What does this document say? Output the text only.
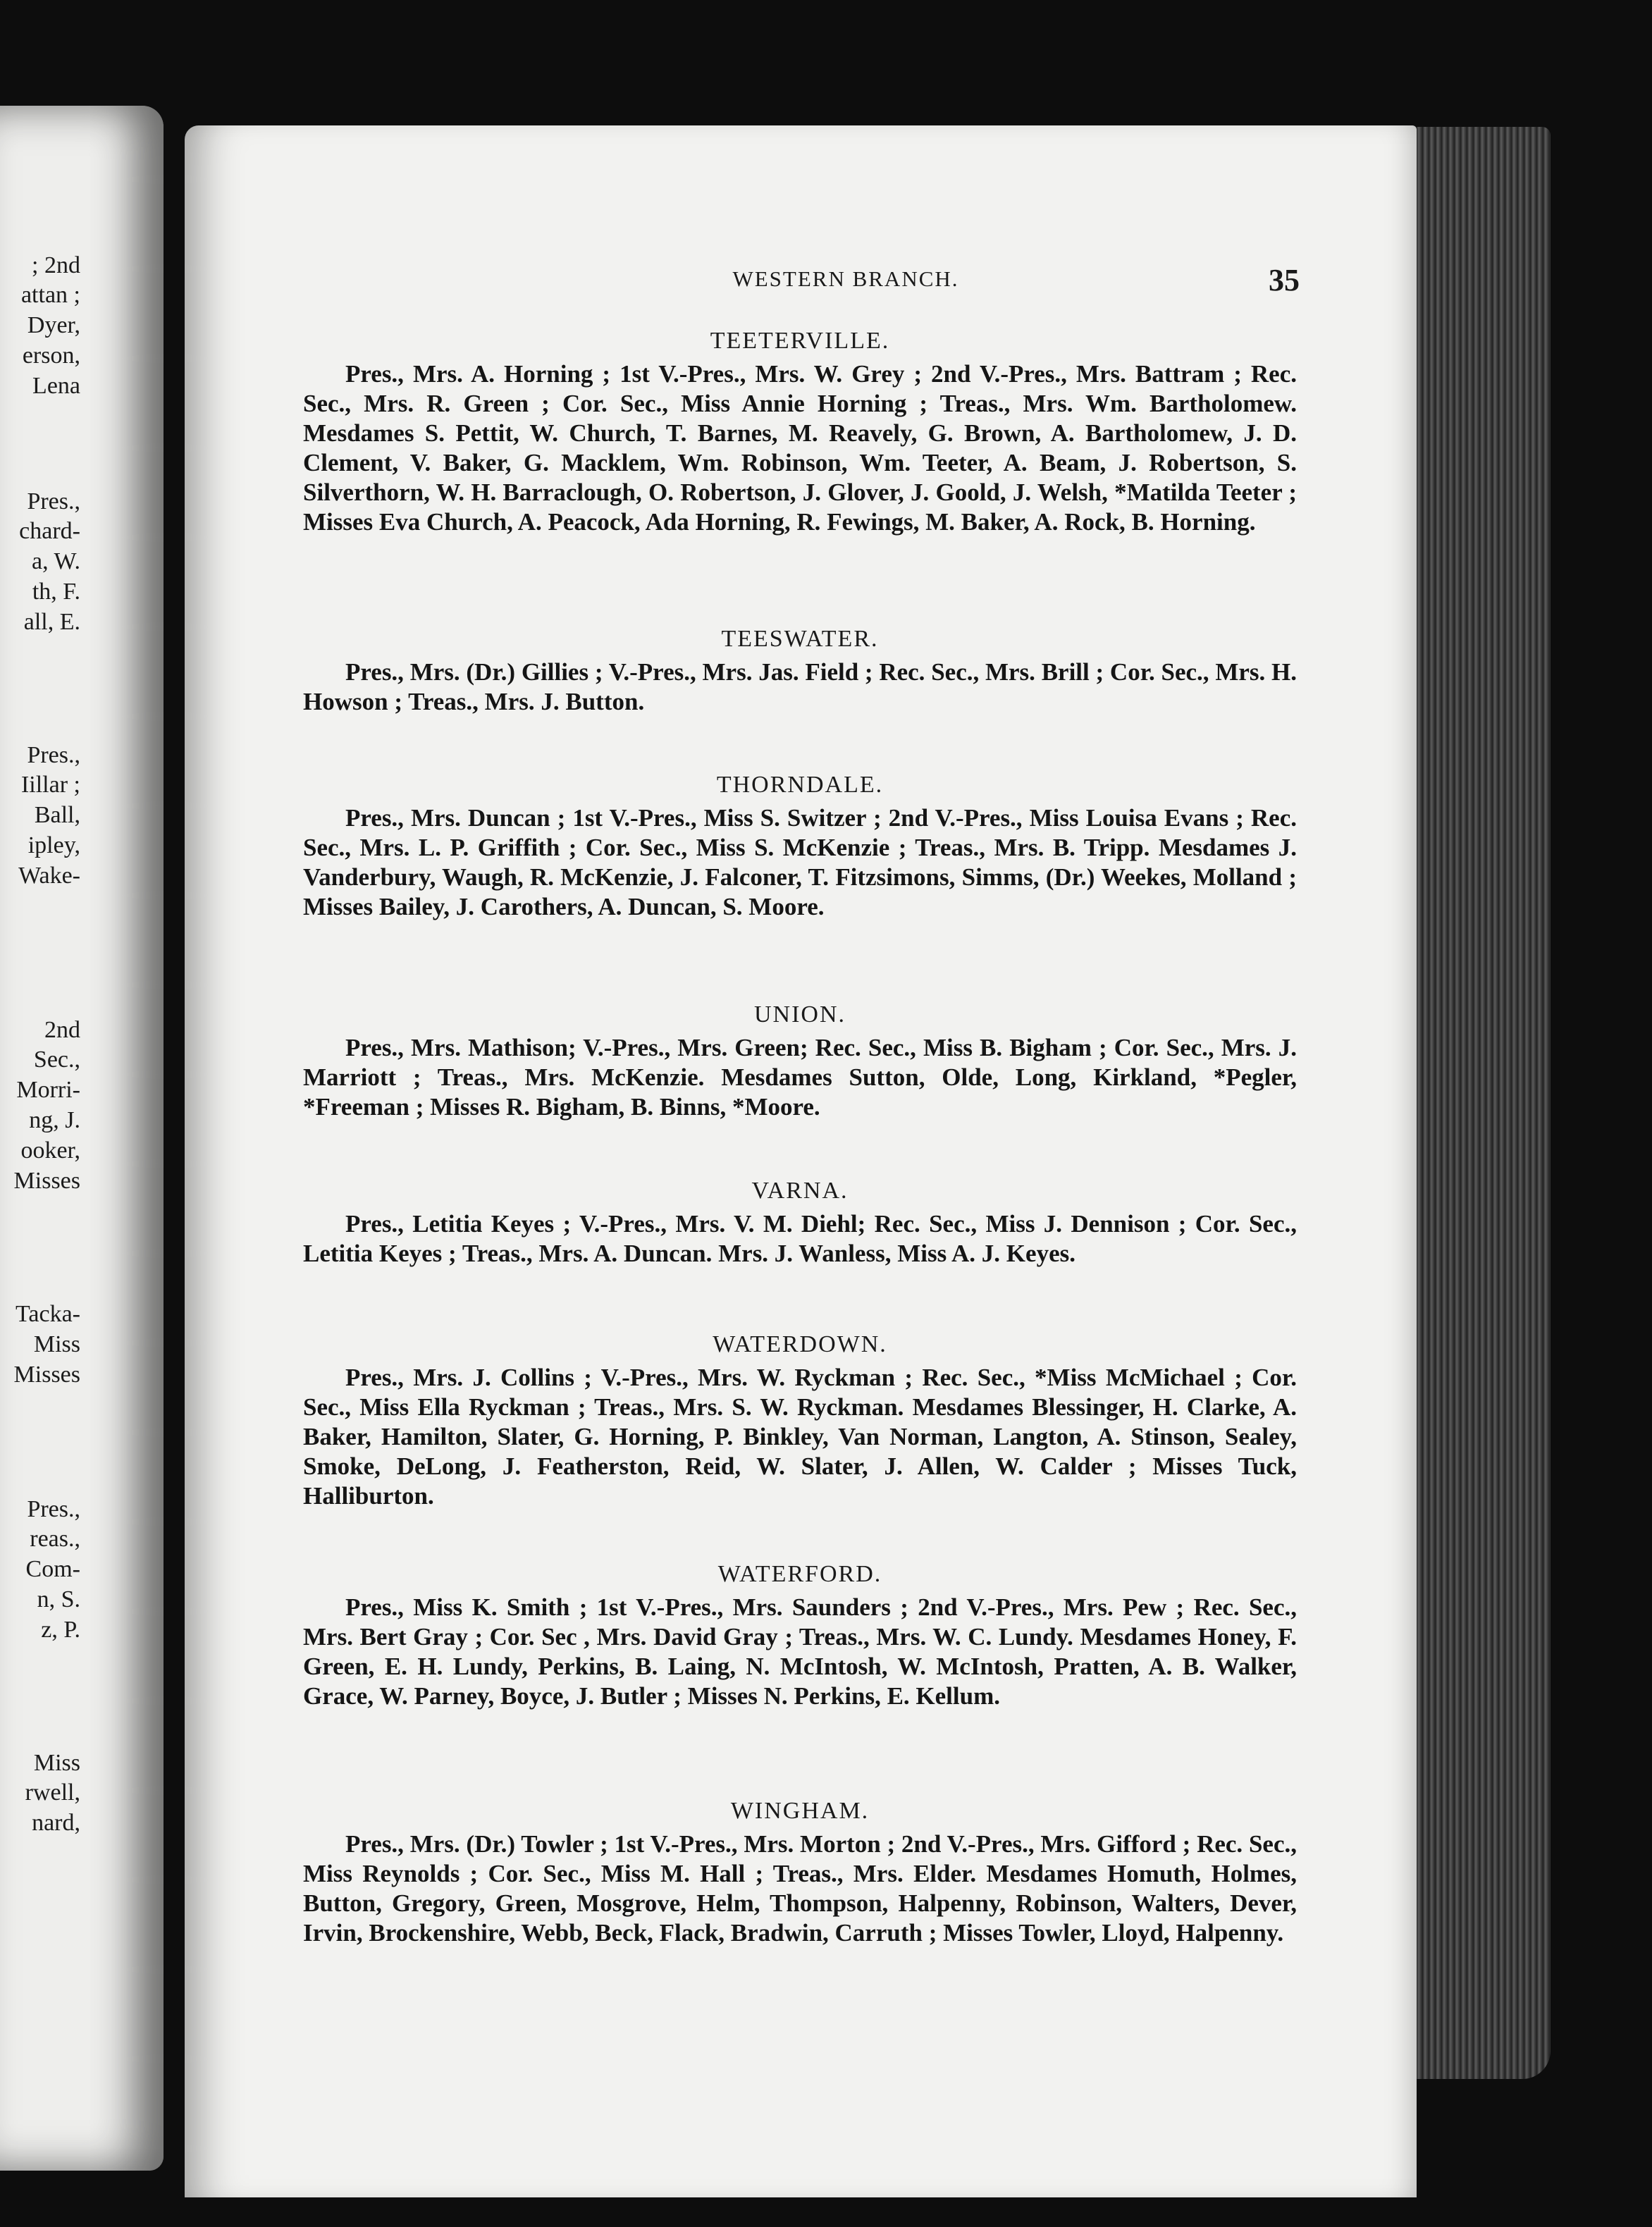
; 2nd
attan ;
Dyer,
erson,
Lena
Pres.,
chard-
a, W.
th, F.
all, E.
Pres.,
Iillar ;
Ball,
ipley,
Wake-
2nd
Sec.,
Morri-
ng, J.
ooker,
Misses
Tacka-
Miss
Misses
Pres.,
reas.,
Com-
n, S.
z, P.
Miss
rwell,
nard,
WESTERN BRANCH.	35
TEETERVILLE.
Pres., Mrs. A. Horning ; 1st V.-Pres., Mrs. W. Grey ; 2nd V.-Pres., Mrs. Battram ; Rec. Sec., Mrs. R. Green ; Cor. Sec., Miss Annie Horning ; Treas., Mrs. Wm. Bartholomew. Mesdames S. Pettit, W. Church, T. Barnes, M. Reavely, G. Brown, A. Bartholomew, J. D. Clement, V. Baker, G. Macklem, Wm. Robinson, Wm. Teeter, A. Beam, J. Robertson, S. Silverthorn, W. H. Barraclough, O. Robertson, J. Glover, J. Goold, J. Welsh, *Matilda Teeter ; Misses Eva Church, A. Peacock, Ada Horning, R. Fewings, M. Baker, A. Rock, B. Horning.
TEESWATER.
Pres., Mrs. (Dr.) Gillies ; V.-Pres., Mrs. Jas. Field ; Rec. Sec., Mrs. Brill ; Cor. Sec., Mrs. H. Howson ; Treas., Mrs. J. Button.
THORNDALE.
Pres., Mrs. Duncan ; 1st V.-Pres., Miss S. Switzer ; 2nd V.-Pres., Miss Louisa Evans ; Rec. Sec., Mrs. L. P. Griffith ; Cor. Sec., Miss S. McKenzie ; Treas., Mrs. B. Tripp. Mesdames J. Vanderbury, Waugh, R. McKenzie, J. Falconer, T. Fitzsimons, Simms, (Dr.) Weekes, Molland ; Misses Bailey, J. Carothers, A. Duncan, S. Moore.
UNION.
Pres., Mrs. Mathison; V.-Pres., Mrs. Green; Rec. Sec., Miss B. Bigham ; Cor. Sec., Mrs. J. Marriott ; Treas., Mrs. McKenzie. Mesdames Sutton, Olde, Long, Kirkland, *Pegler, *Freeman ; Misses R. Bigham, B. Binns, *Moore.
VARNA.
Pres., Letitia Keyes ; V.-Pres., Mrs. V. M. Diehl; Rec. Sec., Miss J. Dennison ; Cor. Sec., Letitia Keyes ; Treas., Mrs. A. Duncan. Mrs. J. Wanless, Miss A. J. Keyes.
WATERDOWN.
Pres., Mrs. J. Collins ; V.-Pres., Mrs. W. Ryckman ; Rec. Sec., *Miss McMichael ; Cor. Sec., Miss Ella Ryckman ; Treas., Mrs. S. W. Ryckman. Mesdames Blessinger, H. Clarke, A. Baker, Hamilton, Slater, G. Horning, P. Binkley, Van Norman, Langton, A. Stinson, Sealey, Smoke, DeLong, J. Featherston, Reid, W. Slater, J. Allen, W. Calder ; Misses Tuck, Halliburton.
WATERFORD.
Pres., Miss K. Smith ; 1st V.-Pres., Mrs. Saunders ; 2nd V.-Pres., Mrs. Pew ; Rec. Sec., Mrs. Bert Gray ; Cor. Sec , Mrs. David Gray ; Treas., Mrs. W. C. Lundy. Mesdames Honey, F. Green, E. H. Lundy, Perkins, B. Laing, N. McIntosh, W. McIntosh, Pratten, A. B. Walker, Grace, W. Parney, Boyce, J. Butler ; Misses N. Perkins, E. Kellum.
WINGHAM.
Pres., Mrs. (Dr.) Towler ; 1st V.-Pres., Mrs. Morton ; 2nd V.-Pres., Mrs. Gifford ; Rec. Sec., Miss Reynolds ; Cor. Sec., Miss M. Hall ; Treas., Mrs. Elder. Mesdames Homuth, Holmes, Button, Gregory, Green, Mosgrove, Helm, Thompson, Halpenny, Robinson, Walters, Dever, Irvin, Brockenshire, Webb, Beck, Flack, Bradwin, Carruth ; Misses Towler, Lloyd, Halpenny.
